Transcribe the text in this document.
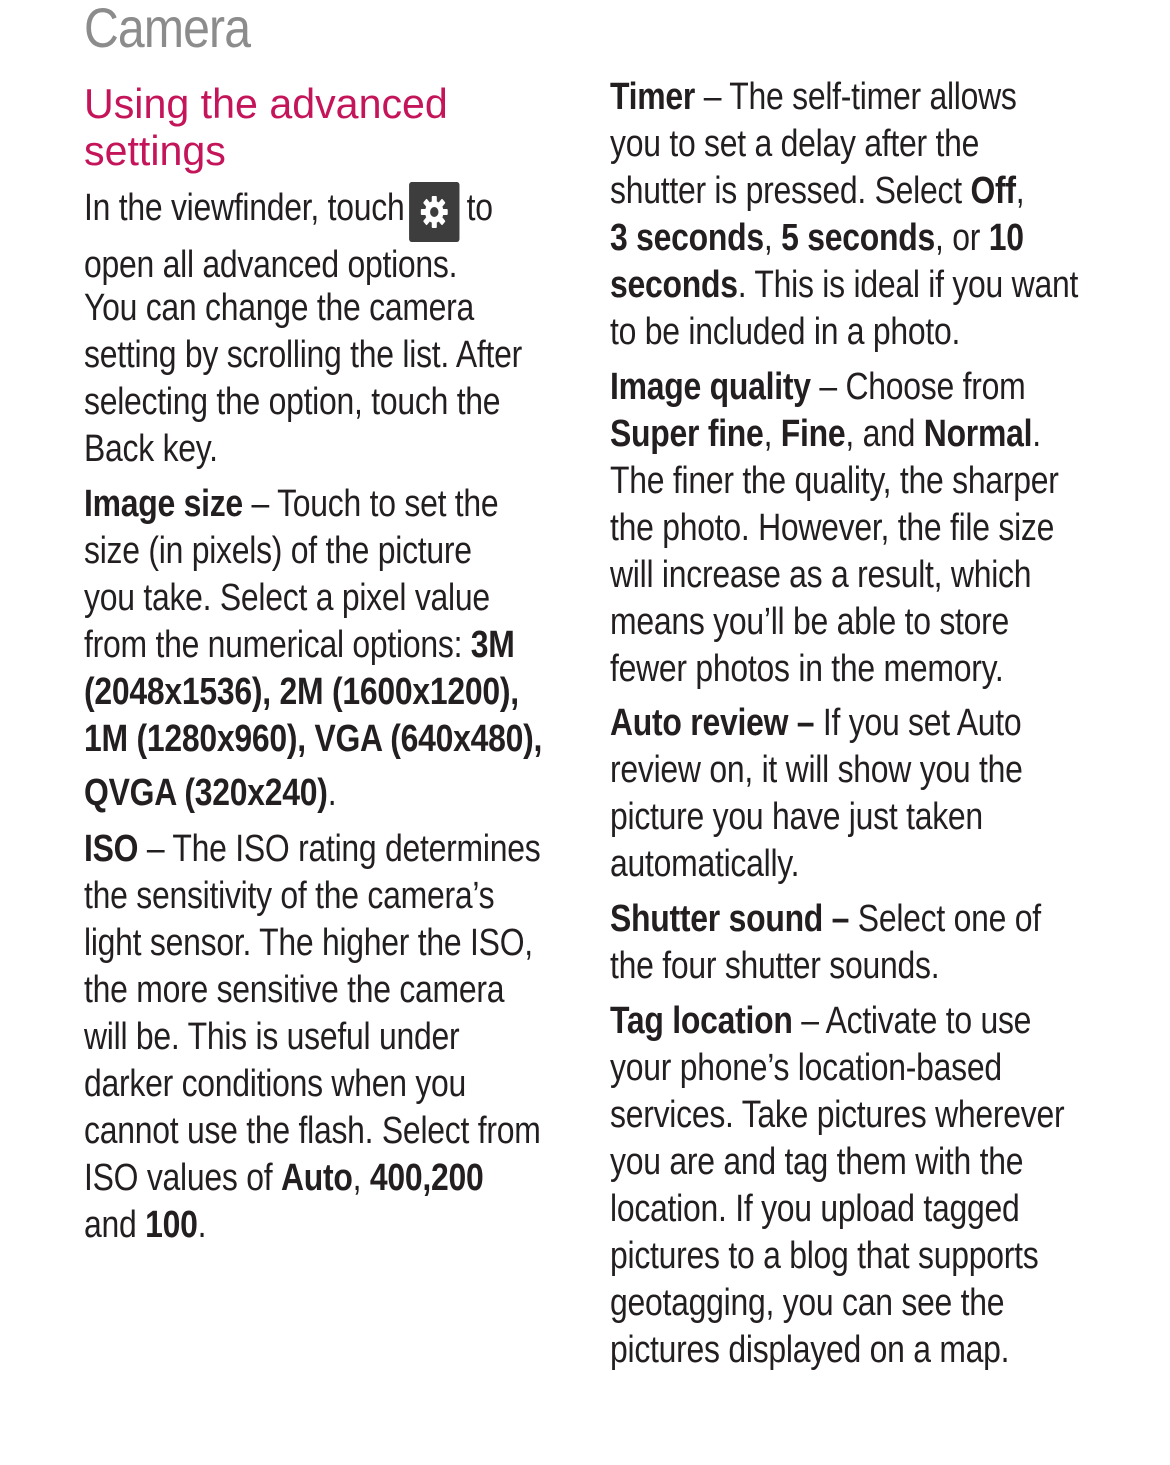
Camera
Using the advanced
settings

In the viewfinder, touch to

open all advanced options.

You can change the camera

setting by scrolling the list. After

selecting the option, touch the

Back key.

Image size – Touch to set the

size (in pixels) of the picture

you take. Select a pixel value

from the numerical options: 3M

(2048x1536), 2M (1600x1200),

1M (1280x960), VGA (640x480),

QVGA (320x240).

ISO – The ISO rating determines

the sensitivity of the camera’s

light sensor. The higher the ISO,

the more sensitive the camera

will be. This is useful under

darker conditions when you

cannot use the flash. Select from

ISO values of Auto, 400,200

and 100.

Timer – The self-timer allows

you to set a delay after the

shutter is pressed. Select Off,

3 seconds, 5 seconds, or 10

seconds. This is ideal if you want

to be included in a photo.

Image quality – Choose from

Super fine, Fine, and Normal.

The finer the quality, the sharper

the photo. However, the file size

will increase as a result, which

means you’ll be able to store

fewer photos in the memory.

Auto review – If you set Auto

review on, it will show you the

picture you have just taken

automatically.

Shutter sound – Select one of

the four shutter sounds.

Tag location – Activate to use

your phone’s location-based

services. Take pictures wherever

you are and tag them with the

location. If you upload tagged

pictures to a blog that supports

geotagging, you can see the

pictures displayed on a map.
